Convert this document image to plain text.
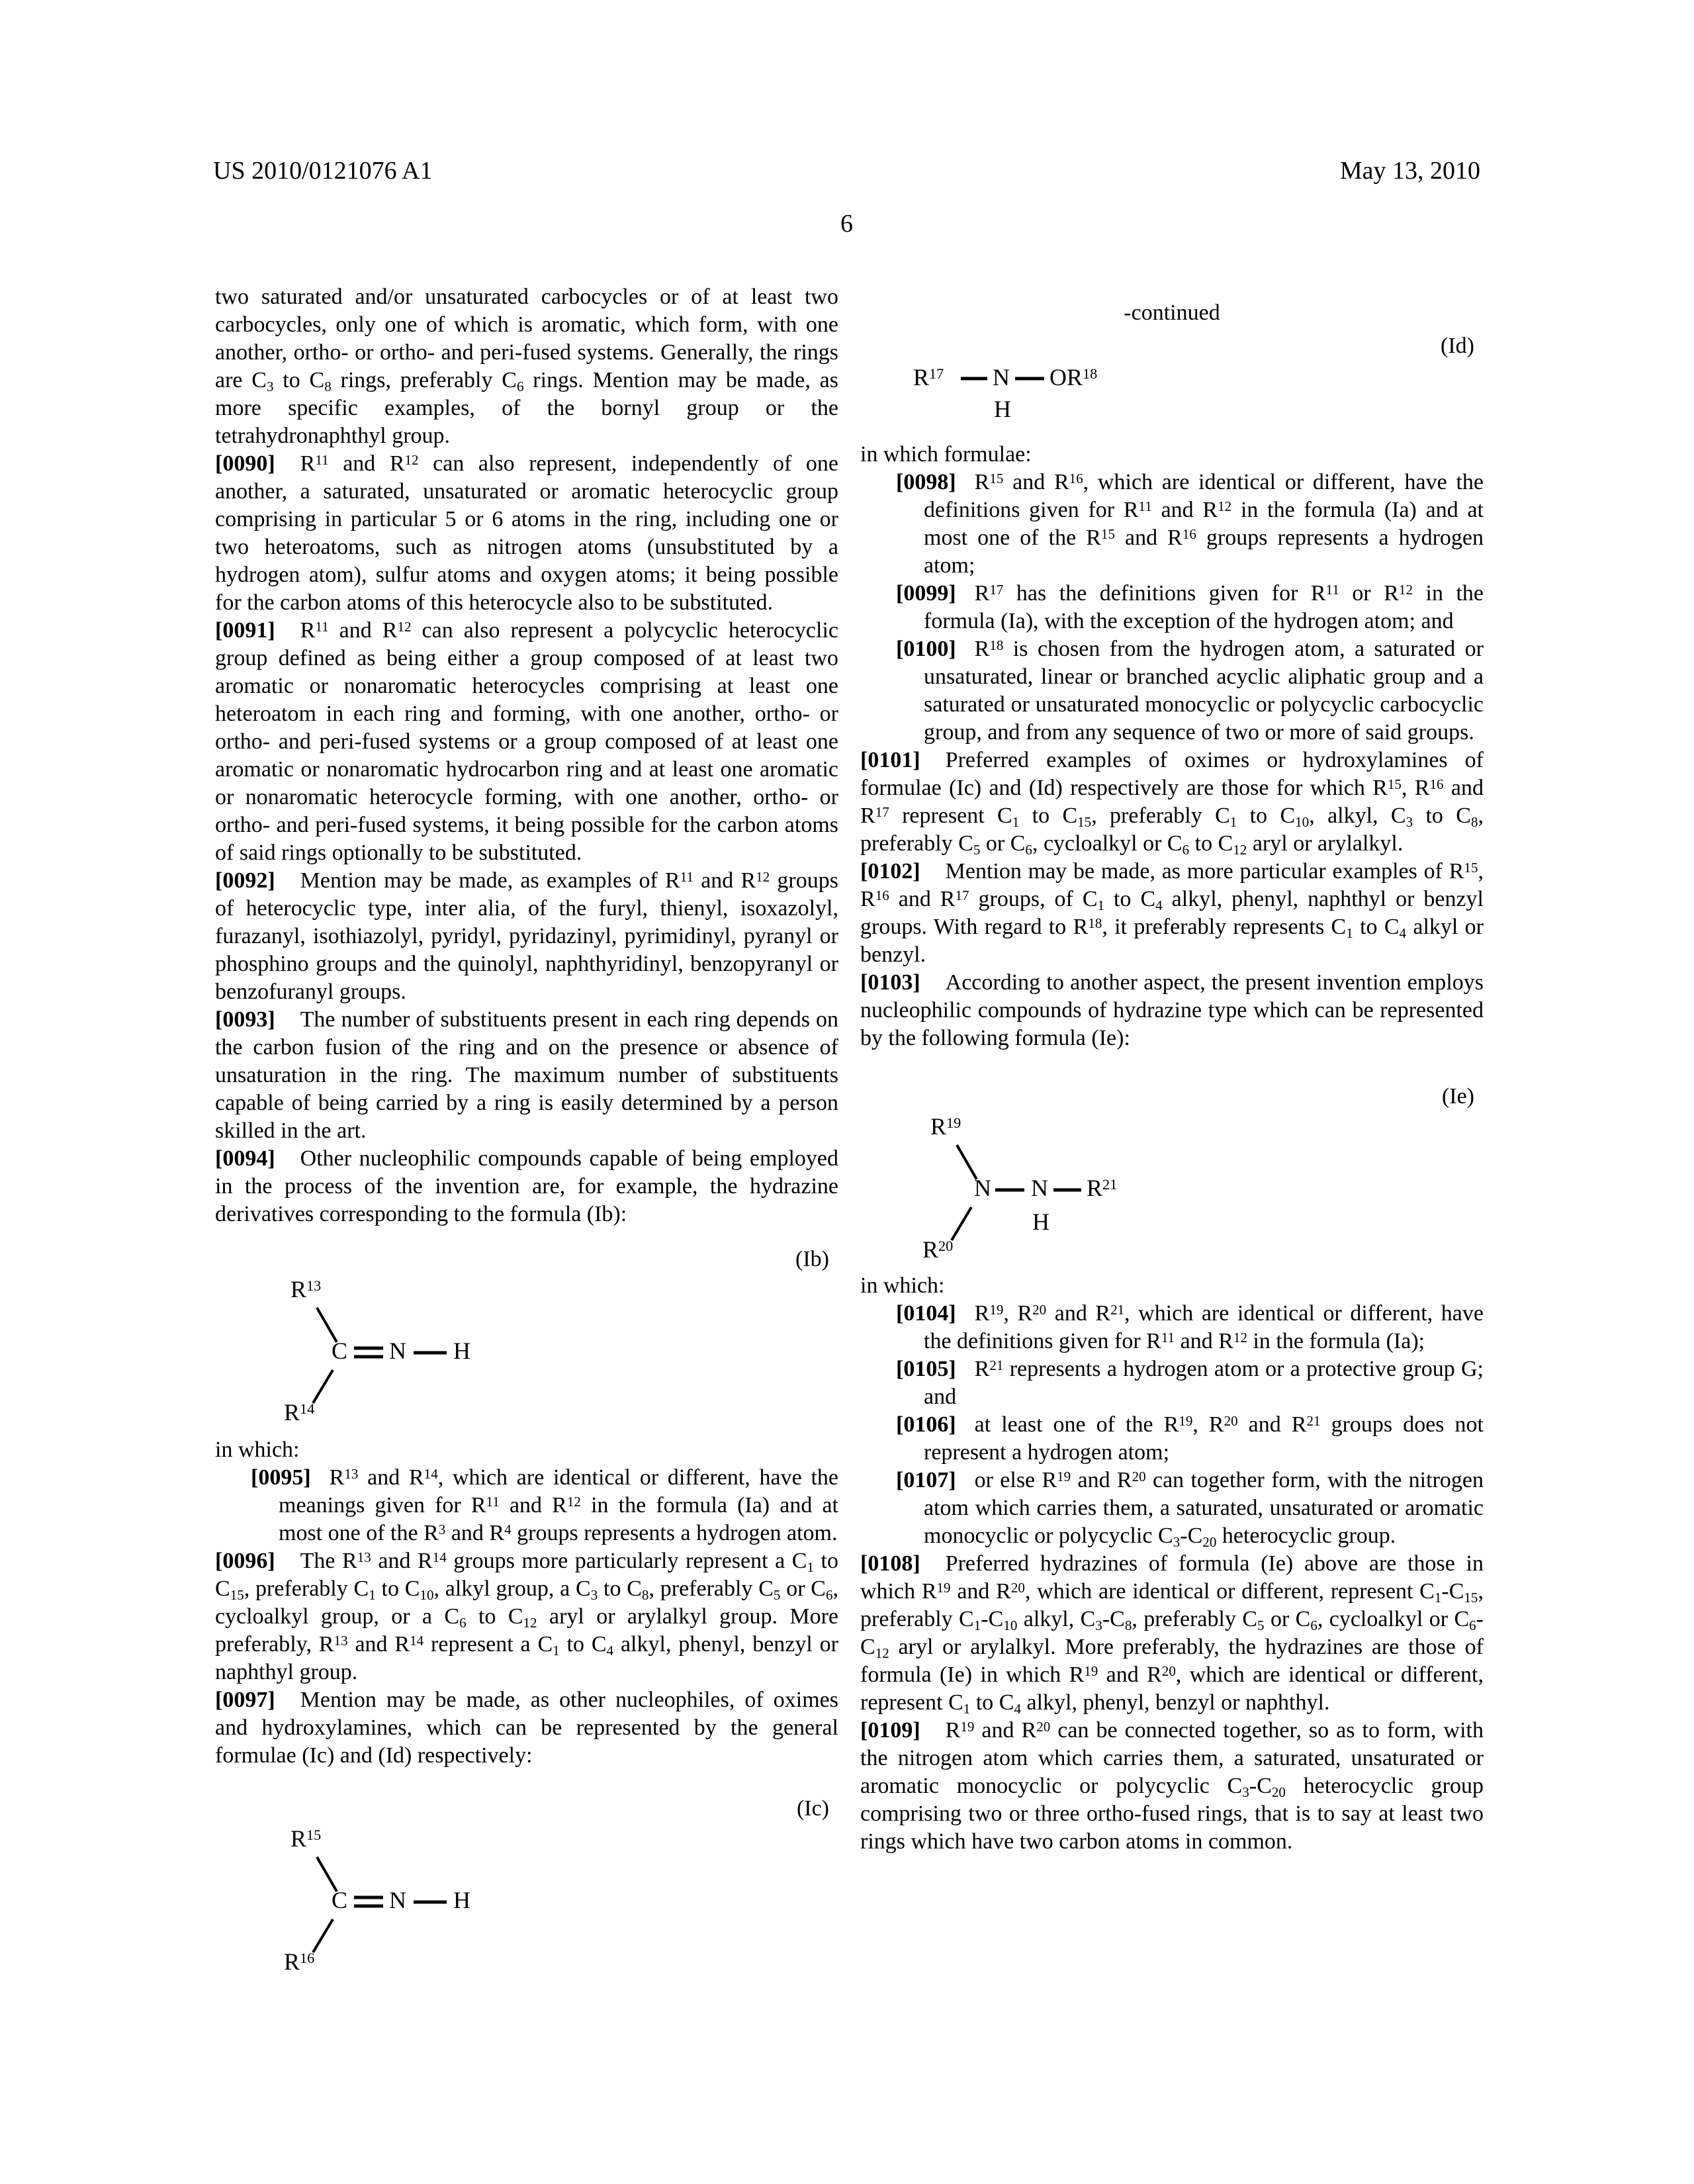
US 2010/0121076 A1	May 13, 2010
6

two saturated and/or unsaturated carbocycles or of at least two carbocycles, only one of which is aromatic, which form, with one another, ortho- or ortho- and peri-fused systems. Generally, the rings are $C_3$ to $C_8$ rings, preferably $C_6$ rings. Mention may be made, as more specific examples, of the bornyl group or the tetrahydronaphthyl group.

[0090] $R^{11}$ and $R^{12}$ can also represent, independently of one another, a saturated, unsaturated or aromatic heterocyclic group comprising in particular 5 or 6 atoms in the ring, including one or two heteroatoms, such as nitrogen atoms (unsubstituted by a hydrogen atom), sulfur atoms and oxygen atoms; it being possible for the carbon atoms of this heterocycle also to be substituted.

[0091] $R^{11}$ and $R^{12}$ can also represent a polycyclic heterocyclic group defined as being either a group composed of at least two aromatic or nonaromatic heterocycles comprising at least one heteroatom in each ring and forming, with one another, ortho- or ortho- and peri-fused systems or a group composed of at least one aromatic or nonaromatic hydrocarbon ring and at least one aromatic or nonaromatic heterocycle forming, with one another, ortho- or ortho- and peri-fused systems, it being possible for the carbon atoms of said rings optionally to be substituted.

[0092] Mention may be made, as examples of $R^{11}$ and $R^{12}$ groups of heterocyclic type, inter alia, of the furyl, thienyl, isoxazolyl, furazanyl, isothiazolyl, pyridyl, pyridazinyl, pyrimidinyl, pyranyl or phosphino groups and the quinolyl, naphthyridinyl, benzopyranyl or benzofuranyl groups.

[0093] The number of substituents present in each ring depends on the carbon fusion of the ring and on the presence or absence of unsaturation in the ring. The maximum number of substituents capable of being carried by a ring is easily determined by a person skilled in the art.

[0094] Other nucleophilic compounds capable of being employed in the process of the invention are, for example, the hydrazine derivatives corresponding to the formula (Ib):

(Ib)
$R^{13}$
C N H
$R^{14}$

in which:

[0095] $R^{13}$ and $R^{14}$, which are identical or different, have the meanings given for $R^{11}$ and $R^{12}$ in the formula (Ia) and at most one of the $R^3$ and $R^4$ groups represents a hydrogen atom.

[0096] The $R^{13}$ and $R^{14}$ groups more particularly represent a $C_1$ to $C_{15}$, preferably $C_1$ to $C_{10}$, alkyl group, a $C_3$ to $C_8$, preferably $C_5$ or $C_6$, cycloalkyl group, or a $C_6$ to $C_{12}$ aryl or arylalkyl group. More preferably, $R^{13}$ and $R^{14}$ represent a $C_1$ to $C_4$ alkyl, phenyl, benzyl or naphthyl group.

[0097] Mention may be made, as other nucleophiles, of oximes and hydroxylamines, which can be represented by the general formulae (Ic) and (Id) respectively:

(Ic)
$R^{15}$
C N H
$R^{16}$

-continued

(Id)
$R^{17}$ N
H
OR$^{18}$

in which formulae:

[0098] $R^{15}$ and $R^{16}$, which are identical or different, have the definitions given for $R^{11}$ and $R^{12}$ in the formula (Ia) and at most one of the $R^{15}$ and $R^{16}$ groups represents a hydrogen atom;

[0099] $R^{17}$ has the definitions given for $R^{11}$ or $R^{12}$ in the formula (Ia), with the exception of the hydrogen atom; and

[0100] $R^{18}$ is chosen from the hydrogen atom, a saturated or unsaturated, linear or branched acyclic aliphatic group and a saturated or unsaturated monocyclic or polycyclic carbocyclic group, and from any sequence of two or more of said groups.

[0101] Preferred examples of oximes or hydroxylamines of formulae (Ic) and (Id) respectively are those for which $R^{15}$, $R^{16}$ and $R^{17}$ represent $C_1$ to $C_{15}$, preferably $C_1$ to $C_{10}$, alkyl, $C_3$ to $C_8$, preferably $C_5$ or $C_6$, cycloalkyl or $C_6$ to $C_{12}$ aryl or arylalkyl.

[0102] Mention may be made, as more particular examples of $R^{15}$, $R^{16}$ and $R^{17}$ groups, of $C_1$ to $C_4$ alkyl, phenyl, naphthyl or benzyl groups. With regard to $R^{18}$, it preferably represents $C_1$ to $C_4$ alkyl or benzyl.

[0103] According to another aspect, the present invention employs nucleophilic compounds of hydrazine type which can be represented by the following formula (Ie):

(Ie)
$R^{19}$
N N
H
$R^{21}$
$R^{20}$

in which:

[0104] $R^{19}$, $R^{20}$ and $R^{21}$, which are identical or different, have the definitions given for $R^{11}$ and $R^{12}$ in the formula (Ia);

[0105] $R^{21}$ represents a hydrogen atom or a protective group G; and

[0106] at least one of the $R^{19}$, $R^{20}$ and $R^{21}$ groups does not represent a hydrogen atom;

[0107] or else $R^{19}$ and $R^{20}$ can together form, with the nitrogen atom which carries them, a saturated, unsaturated or aromatic monocyclic or polycyclic $C_3-C_{20}$ heterocyclic group.

[0108] Preferred hydrazines of formula (Ie) above are those in which $R^{19}$ and $R^{20}$, which are identical or different, represent $C_1-C_{15}$, preferably $C_1-C_{10}$ alkyl, $C_3-C_8$, preferably $C_5$ or $C_6$, cycloalkyl or $C_6-C_{12}$ aryl or arylalkyl. More preferably, the hydrazines are those of formula (Ie) in which $R^{19}$ and $R^{20}$, which are identical or different, represent $C_1$ to $C_4$ alkyl, phenyl, benzyl or naphthyl.

[0109] $R^{19}$ and $R^{20}$ can be connected together, so as to form, with the nitrogen atom which carries them, a saturated, unsaturated or aromatic monocyclic or polycyclic $C_3-C_{20}$ heterocyclic group comprising two or three ortho-fused rings, that is to say at least two rings which have two carbon atoms in common.
